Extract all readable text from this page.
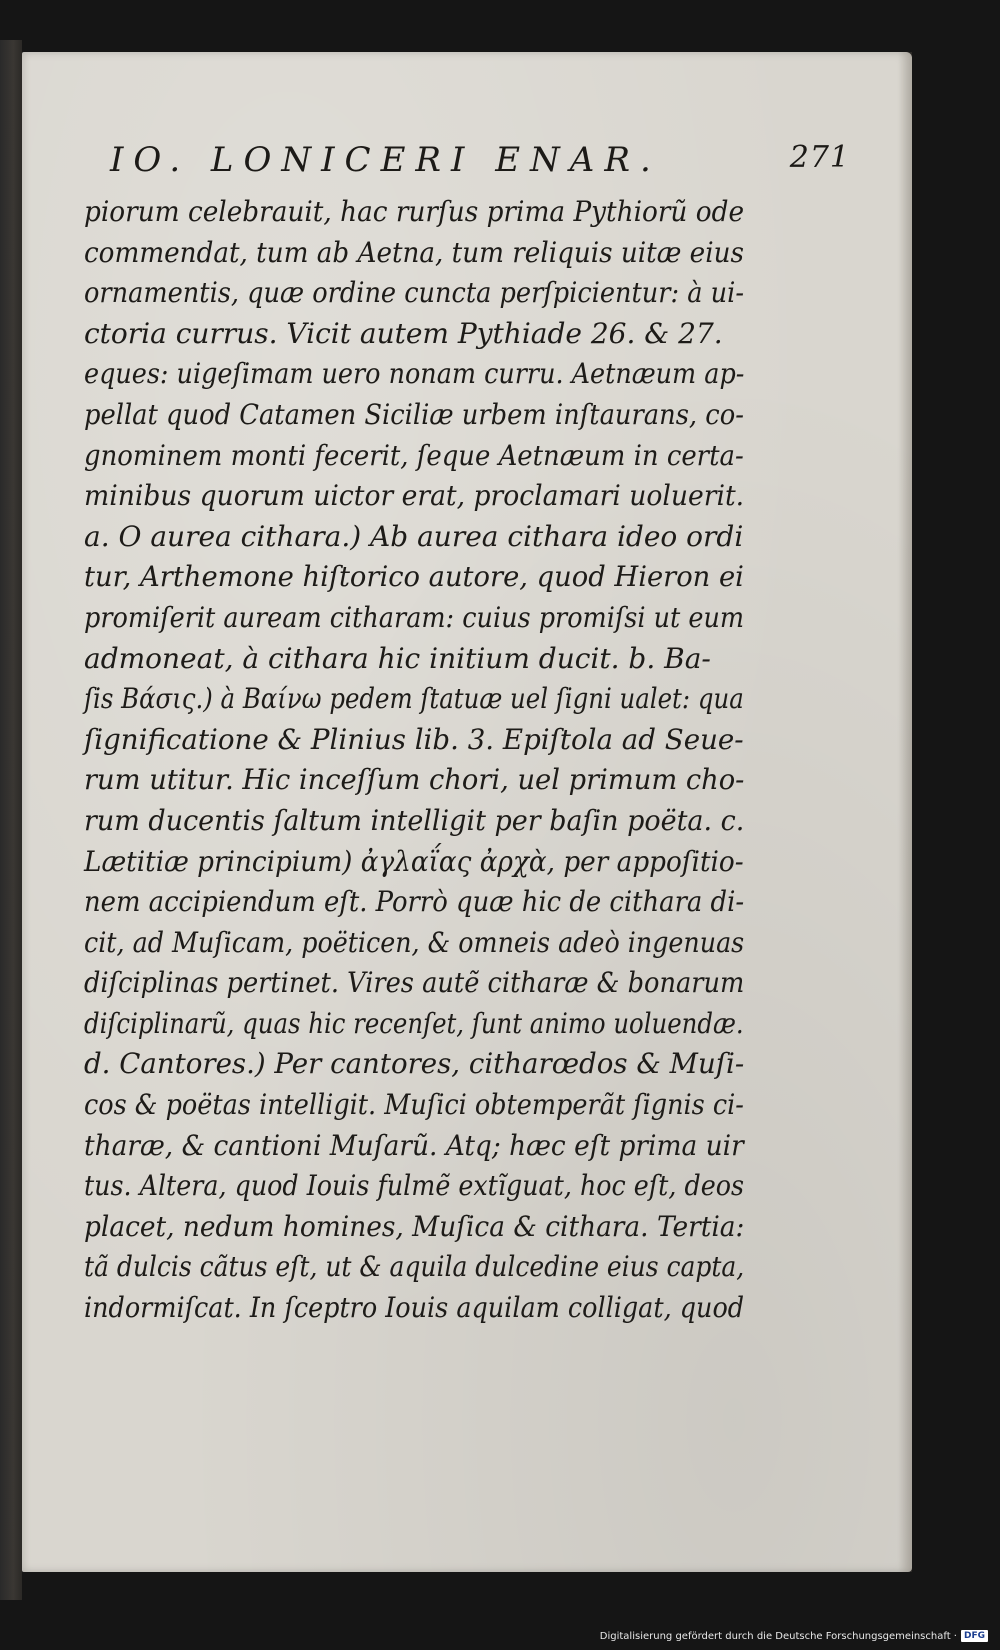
IO. LONICERI ENAR.	271
piorum celebrauit, hac rurſus prima Pythiorũ ode
commendat, tum ab Aetna, tum reliquis uitæ eius
ornamentis, quæ ordine cuncta perſpicientur: à ui-
ctoria currus. Vicit autem Pythiade 26. & 27.
eques: uigeſimam uero nonam curru. Aetnæum ap-
pellat quod Catamen Siciliæ urbem inſtaurans, co-
gnominem monti fecerit, ſeque Aetnæum in certa-
minibus quorum uictor erat, proclamari uoluerit.
a. O aurea cithara.) Ab aurea cithara ideo ordi
tur, Arthemone hiſtorico autore, quod Hieron ei
promiſerit auream citharam: cuius promiſsi ut eum
admoneat, à cithara hic initium ducit. b. Ba-
ſis Βάσις.) à Βαίνω pedem ſtatuæ uel ſigni ualet: qua
ſignificatione & Plinius lib. 3. Epiſtola ad Seue-
rum utitur. Hic inceſſum chori, uel primum cho-
rum ducentis ſaltum intelligit per baſin poëta. c.
Lætitiæ principium) ἀγλαΐας ἀρχὰ, per appoſitio-
nem accipiendum eſt. Porrò quæ hic de cithara di-
cit, ad Muſicam, poëticen, & omneis adeò ingenuas
diſciplinas pertinet. Vires autẽ citharæ & bonarum
diſciplinarũ, quas hic recenſet, ſunt animo uoluendæ.
d. Cantores.) Per cantores, citharœdos & Muſi-
cos & poëtas intelligit. Muſici obtemperãt ſignis ci-
tharæ, & cantioni Muſarũ. Atq; hæc eſt prima uir
tus. Altera, quod Iouis fulmẽ extĩguat, hoc eſt, deos
placet, nedum homines, Muſica & cithara. Tertia:
tã dulcis cãtus eſt, ut & aquila dulcedine eius capta,
indormiſcat. In ſceptro Iouis aquilam colligat, quod
Digitalisierung gefördert durch die Deutsche Forschungsgemeinschaft · DFG
